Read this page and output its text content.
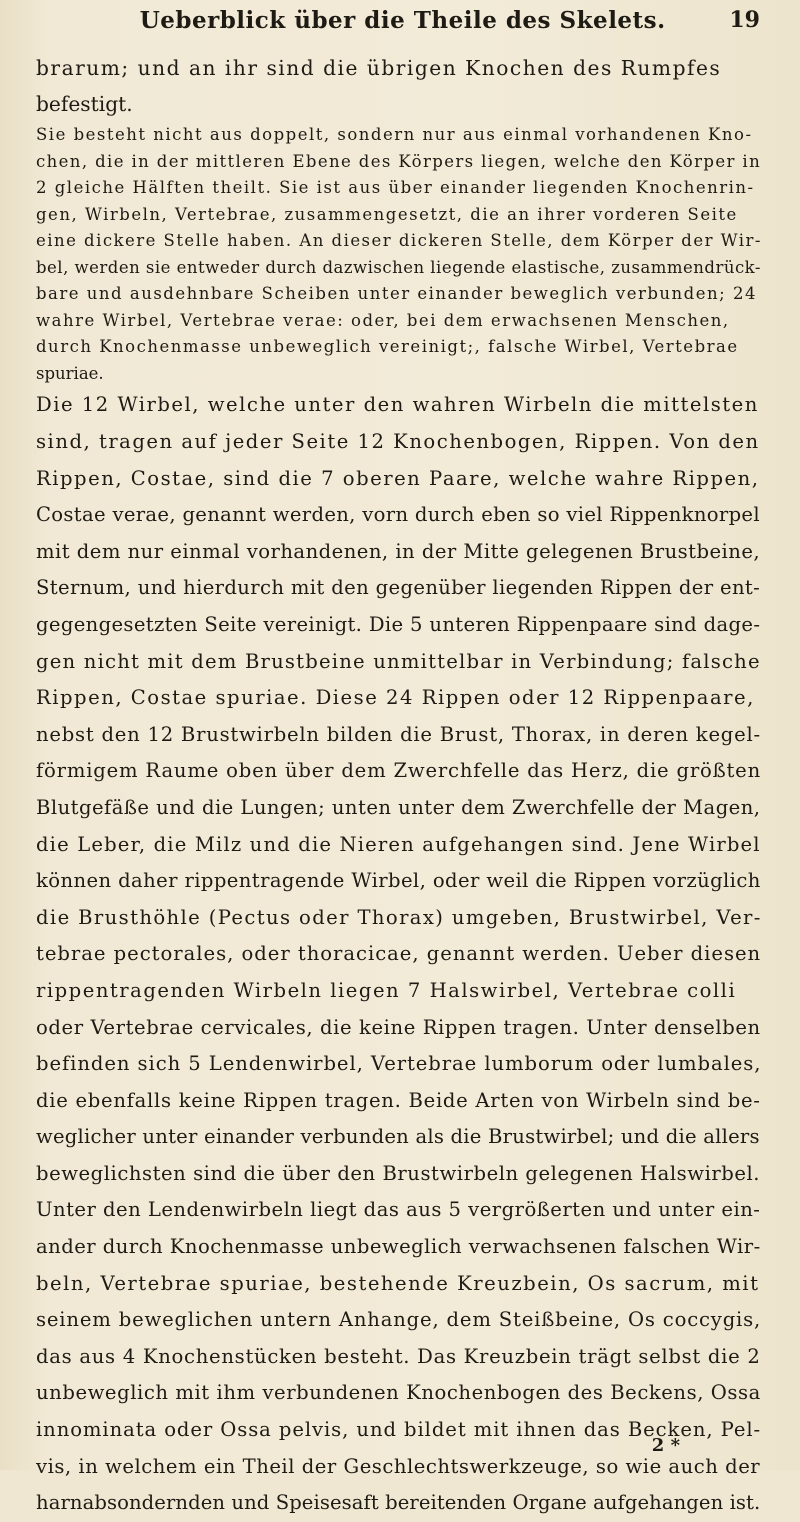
Ueberblick über die Theile des Skelets.	19

brarum; und an ihr sind die übrigen Knochen des Rumpfes
befestigt.

Sie besteht nicht aus doppelt, sondern nur aus einmal vorhandenen Kno-
chen, die in der mittleren Ebene des Körpers liegen, welche den Körper in
2 gleiche Hälften theilt. Sie ist aus über einander liegenden Knochenrin-
gen, Wirbeln, Vertebrae, zusammengesetzt, die an ihrer vorderen Seite
eine dickere Stelle haben. An dieser dickeren Stelle, dem Körper der Wir-
bel, werden sie entweder durch dazwischen liegende elastische, zusammendrück-
bare und ausdehnbare Scheiben unter einander beweglich verbunden; 24
wahre Wirbel, Vertebrae verae: oder, bei dem erwachsenen Menschen,
durch Knochenmasse unbeweglich vereinigt;, falsche Wirbel, Vertebrae
spuriae.

Die 12 Wirbel, welche unter den wahren Wirbeln die mittelsten
sind, tragen auf jeder Seite 12 Knochenbogen, Rippen. Von den
Rippen, Costae, sind die 7 oberen Paare, welche wahre Rippen,
Costae verae, genannt werden, vorn durch eben so viel Rippenknorpel
mit dem nur einmal vorhandenen, in der Mitte gelegenen Brustbeine,
Sternum, und hierdurch mit den gegenüber liegenden Rippen der ent-
gegengesetzten Seite vereinigt. Die 5 unteren Rippenpaare sind dage-
gen nicht mit dem Brustbeine unmittelbar in Verbindung; falsche
Rippen, Costae spuriae. Diese 24 Rippen oder 12 Rippenpaare,
nebst den 12 Brustwirbeln bilden die Brust, Thorax, in deren kegel-
förmigem Raume oben über dem Zwerchfelle das Herz, die größten
Blutgefäße und die Lungen; unten unter dem Zwerchfelle der Magen,
die Leber, die Milz und die Nieren aufgehangen sind. Jene Wirbel
können daher rippentragende Wirbel, oder weil die Rippen vorzüglich
die Brusthöhle (Pectus oder Thorax) umgeben, Brustwirbel, Ver-
tebrae pectorales, oder thoracicae, genannt werden. Ueber diesen
rippentragenden Wirbeln liegen 7 Halswirbel, Vertebrae colli
oder Vertebrae cervicales, die keine Rippen tragen. Unter denselben
befinden sich 5 Lendenwirbel, Vertebrae lumborum oder lumbales,
die ebenfalls keine Rippen tragen. Beide Arten von Wirbeln sind be-
weglicher unter einander verbunden als die Brustwirbel; und die allers
beweglichsten sind die über den Brustwirbeln gelegenen Halswirbel.
Unter den Lendenwirbeln liegt das aus 5 vergrößerten und unter ein-
ander durch Knochenmasse unbeweglich verwachsenen falschen Wir-
beln, Vertebrae spuriae, bestehende Kreuzbein, Os sacrum, mit
seinem beweglichen untern Anhange, dem Steißbeine, Os coccygis,
das aus 4 Knochenstücken besteht. Das Kreuzbein trägt selbst die 2
unbeweglich mit ihm verbundenen Knochenbogen des Beckens, Ossa
innominata oder Ossa pelvis, und bildet mit ihnen das Becken, Pel-
vis, in welchem ein Theil der Geschlechtswerkzeuge, so wie auch der
harnabsondernden und Speisesaft bereitenden Organe aufgehangen ist.

2 *
